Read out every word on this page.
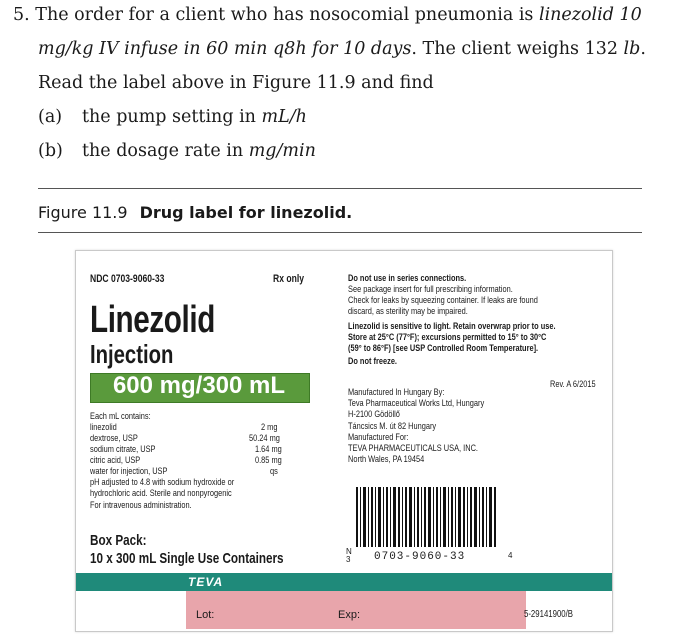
5. The order for a client who has nosocomial pneumonia is linezolid 10
mg/kg IV infuse in 60 min q8h for 10 days. The client weighs 132 lb.
Read the label above in Figure 11.9 and find
(a) the pump setting in mL/h
(b) the dosage rate in mg/min
Figure 11.9 Drug label for linezolid.
NDC 0703-9060-33	Rx only
Linezolid
Injection
600 mg/300 mL
Each mL contains:
linezolid	2 mg
dextrose, USP	50.24 mg
sodium citrate, USP	1.64 mg
citric acid, USP	0.85 mg
water for injection, USP	qs
pH adjusted to 4.8 with sodium hydroxide or
hydrochloric acid. Sterile and nonpyrogenic
For intravenous administration.
Box Pack:
10 x 300 mL Single Use Containers
Do not use in series connections.
See package insert for full prescribing information.
Check for leaks by squeezing container. If leaks are found
discard, as sterility may be impaired.
Linezolid is sensitive to light. Retain overwrap prior to use.
Store at 25°C (77°F); excursions permitted to 15° to 30°C
(59° to 86°F) [see USP Controlled Room Temperature].
Do not freeze.
Rev. A 6/2015
Manufactured In Hungary By:
Teva Pharmaceutical Works Ltd, Hungary
H-2100 Gödöllő
Táncsics M. út 82 Hungary
Manufactured For:
TEVA PHARMACEUTICALS USA, INC.
North Wales, PA 19454
N
3 0703-9060-33	4
TEVA
Lot:	Exp:	5-29141900/B
